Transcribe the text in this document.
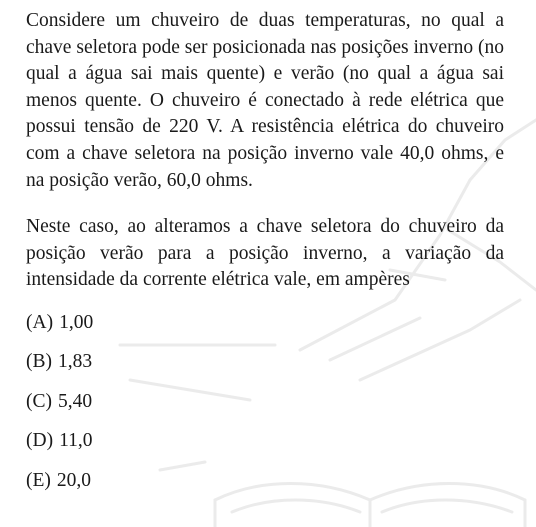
Considere um chuveiro de duas temperaturas, no qual a chave seletora pode ser posicionada nas posições inverno (no qual a água sai mais quente) e verão (no qual a água sai menos quente. O chuveiro é conectado à rede elétrica que possui tensão de 220 V. A resistência elétrica do chuveiro com a chave seletora na posição inverno vale 40,0 ohms, e na posição verão, 60,0 ohms.

Neste caso, ao alteramos a chave seletora do chuveiro da posição verão para a posição inverno, a variação da intensidade da corrente elétrica vale, em ampères

(A) 1,00
(B) 1,83
(C) 5,40
(D) 11,0
(E) 20,0
